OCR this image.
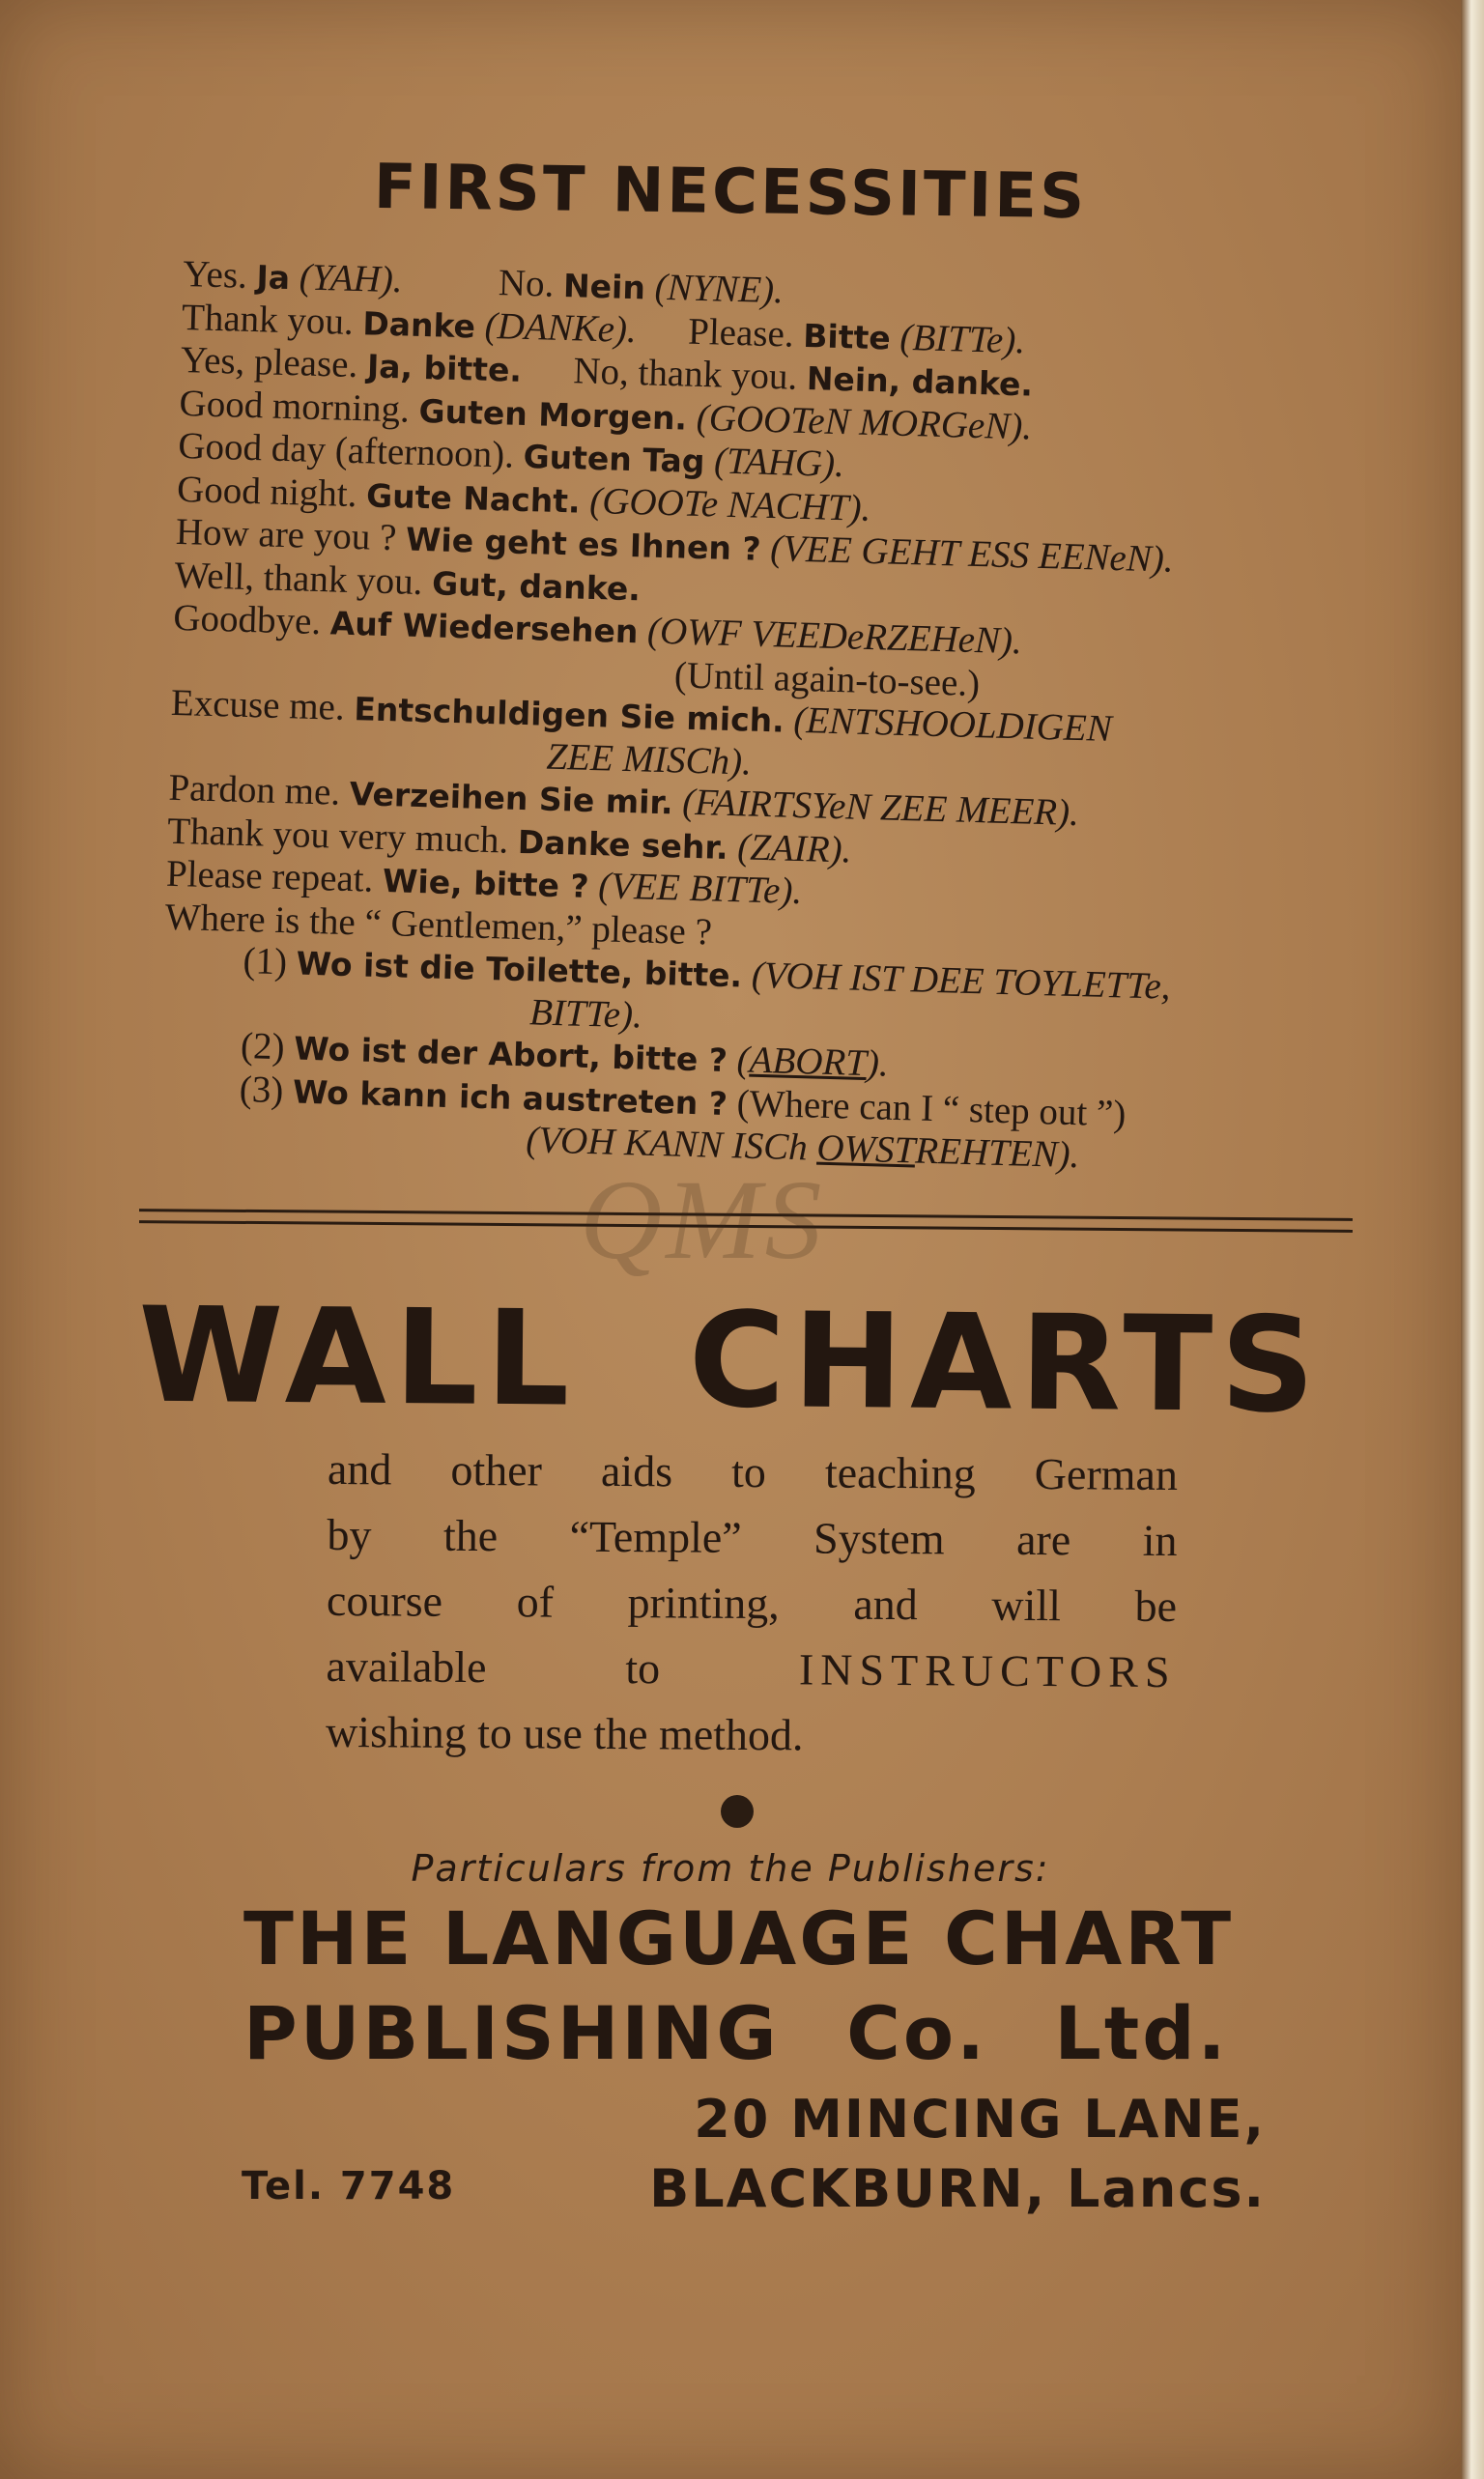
FIRST NECESSITIES
Yes. Ja (YAH).	No. Nein (NYNE).
Thank you. Danke (DANKe). Please. Bitte (BITTe).
Yes, please. Ja, bitte. No, thank you. Nein, danke.
Good morning. Guten Morgen. (GOOTeN MORGeN).
Good day (afternoon). Guten Tag (TAHG).
Good night. Gute Nacht. (GOOTe NACHT).
How are you ? Wie geht es Ihnen ? (VEE GEHT ESS EENeN).
Well, thank you. Gut, danke.
Goodbye. Auf Wiedersehen (OWF VEEDeRZEHeN).
(Until again-to-see.)
Excuse me. Entschuldigen Sie mich. (ENTSHOOLDIGEN
ZEE MISCh).
Pardon me. Verzeihen Sie mir. (FAIRTSYeN ZEE MEER).
Thank you very much. Danke sehr. (ZAIR).
Please repeat. Wie, bitte ? (VEE BITTe).
Where is the “ Gentlemen,” please ?
(1) Wo ist die Toilette, bitte. (VOH IST DEE TOYLETTe,
BITTe).
(2) Wo ist der Abort, bitte ? (ABORT).
(3) Wo kann ich austreten ? (Where can I “ step out ”)
(VOH KANN ISCh OWSTREHTEN).
QMS
WALL CHARTS
and other aids to teaching German
by the “Temple” System are in
course of printing, and will be
available to	INSTRUCTORS
wishing to use the method.
Particulars from the Publishers:
THE LANGUAGE CHART
PUBLISHING Co. Ltd.
20 MINCING LANE,
BLACKBURN, Lancs.
Tel. 7748
